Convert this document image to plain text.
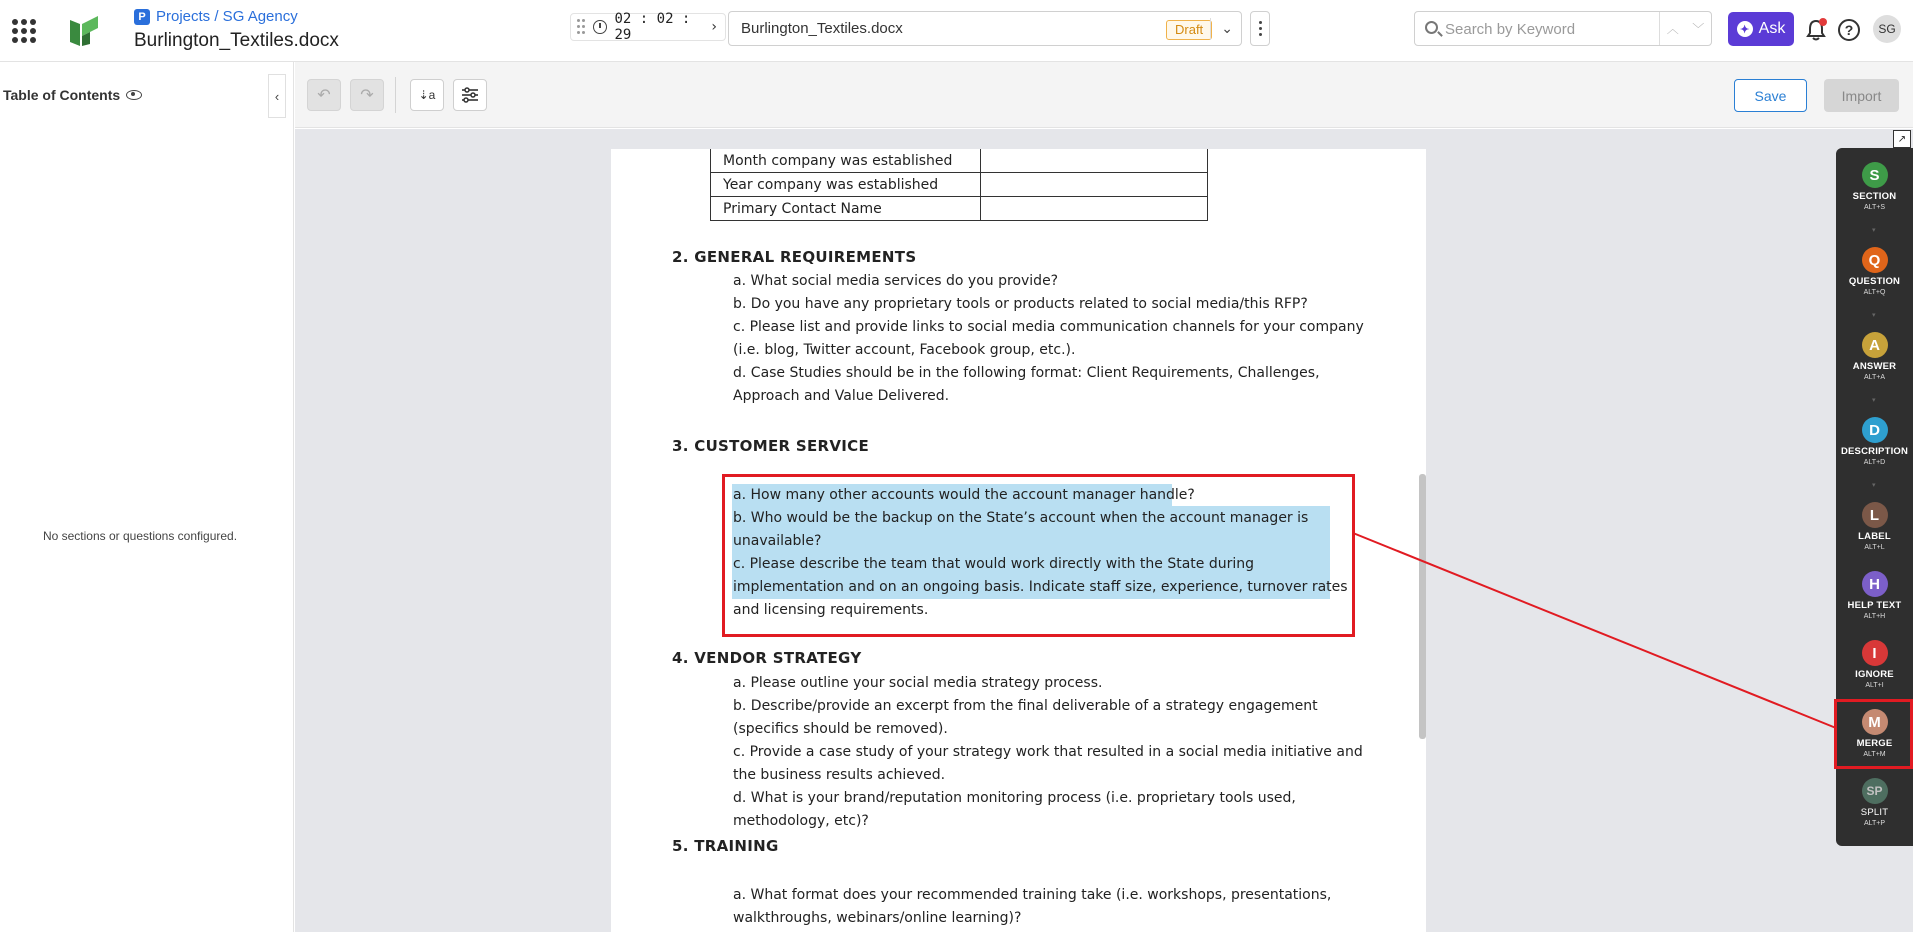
P Projects / SG Agency
Burlington_Textiles.docx
02 : 02 : 29	› Burlington_Textiles.docx	Draft	⌄
Search by Keyword	︿ ﹀	✦ Ask	?	SG
Table of Contents	‹
No sections or questions configured.
↶	↷	⇣a	Save	Import
Month company was established	
Year company was established	
Primary Contact Name	
2. GENERAL REQUIREMENTS
a. What social media services do you provide?
b. Do you have any proprietary tools or products related to social media/this RFP?
c. Please list and provide links to social media communication channels for your company
(i.e. blog, Twitter account, Facebook group, etc.).
d. Case Studies should be in the following format: Client Requirements, Challenges,
Approach and Value Delivered.
3. CUSTOMER SERVICE
a. How many other accounts would the account manager handle?
b. Who would be the backup on the State’s account when the account manager is
unavailable?
c. Please describe the team that would work directly with the State during
implementation and on an ongoing basis. Indicate staff size, experience, turnover rates
and licensing requirements.
4. VENDOR STRATEGY
a. Please outline your social media strategy process.
b. Describe/provide an excerpt from the final deliverable of a strategy engagement
(specifics should be removed).
c. Provide a case study of your strategy work that resulted in a social media initiative and
the business results achieved.
d. What is your brand/reputation monitoring process (i.e. proprietary tools used,
methodology, etc)?
5. TRAINING
a. What format does your recommended training take (i.e. workshops, presentations,
walkthroughs, webinars/online learning)?
↗
S
SECTION
ALT+S
▾
Q
QUESTION
ALT+Q
▾
A
ANSWER
ALT+A
▾
D
DESCRIPTION
ALT+D
▾
L
LABEL
ALT+L
H
HELP TEXT
ALT+H
I
IGNORE
ALT+I
M
MERGE
ALT+M
SP
SPLIT
ALT+P
